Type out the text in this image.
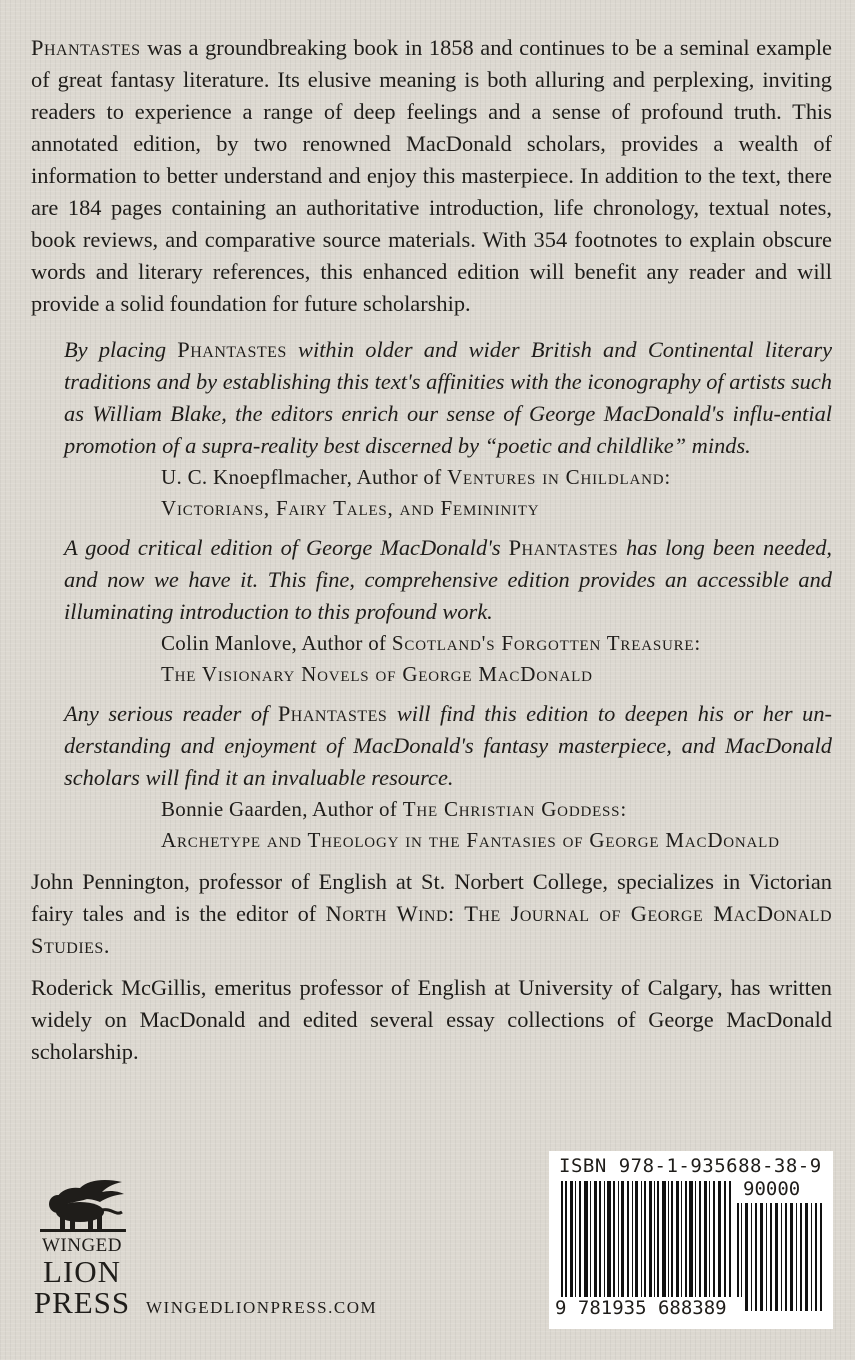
Phantastes was a groundbreaking book in 1858 and continues to be a seminal example of great fantasy literature. Its elusive meaning is both alluring and perplexing, inviting readers to experience a range of deep feelings and a sense of profound truth. This annotated edition, by two renowned MacDonald scholars, provides a wealth of information to better understand and enjoy this masterpiece. In addition to the text, there are 184 pages containing an authoritative introduction, life chronology, textual notes, book reviews, and comparative source materials. With 354 footnotes to explain obscure words and literary references, this enhanced edition will benefit any reader and will provide a solid foundation for future scholarship.

By placing Phantastes within older and wider British and Continental literary traditions and by establishing this text's affinities with the iconography of artists such as William Blake, the editors enrich our sense of George MacDonald's influ-ential promotion of a supra-reality best discerned by “poetic and childlike” minds.

U. C. Knoepflmacher, Author of Ventures in Childland:
Victorians, Fairy Tales, and Femininity

A good critical edition of George MacDonald's Phantastes has long been needed, and now we have it. This fine, comprehensive edition provides an accessible and illuminating introduction to this profound work.

Colin Manlove, Author of Scotland's Forgotten Treasure:
The Visionary Novels of George MacDonald

Any serious reader of Phantastes will find this edition to deepen his or her un-derstanding and enjoyment of MacDonald's fantasy masterpiece, and MacDonald scholars will find it an invaluable resource.

Bonnie Gaarden, Author of The Christian Goddess:
Archetype and Theology in the Fantasies of George MacDonald

John Pennington, professor of English at St. Norbert College, specializes in Victorian fairy tales and is the editor of North Wind: The Journal of George MacDonald Studies.

Roderick McGillis, emeritus professor of English at University of Calgary, has written widely on MacDonald and edited several essay collections of George MacDonald scholarship.

WINGED
LION
PRESS WINGEDLIONPRESS.COM
ISBN 978-1-935688-38-9
90000
9 781935 688389
